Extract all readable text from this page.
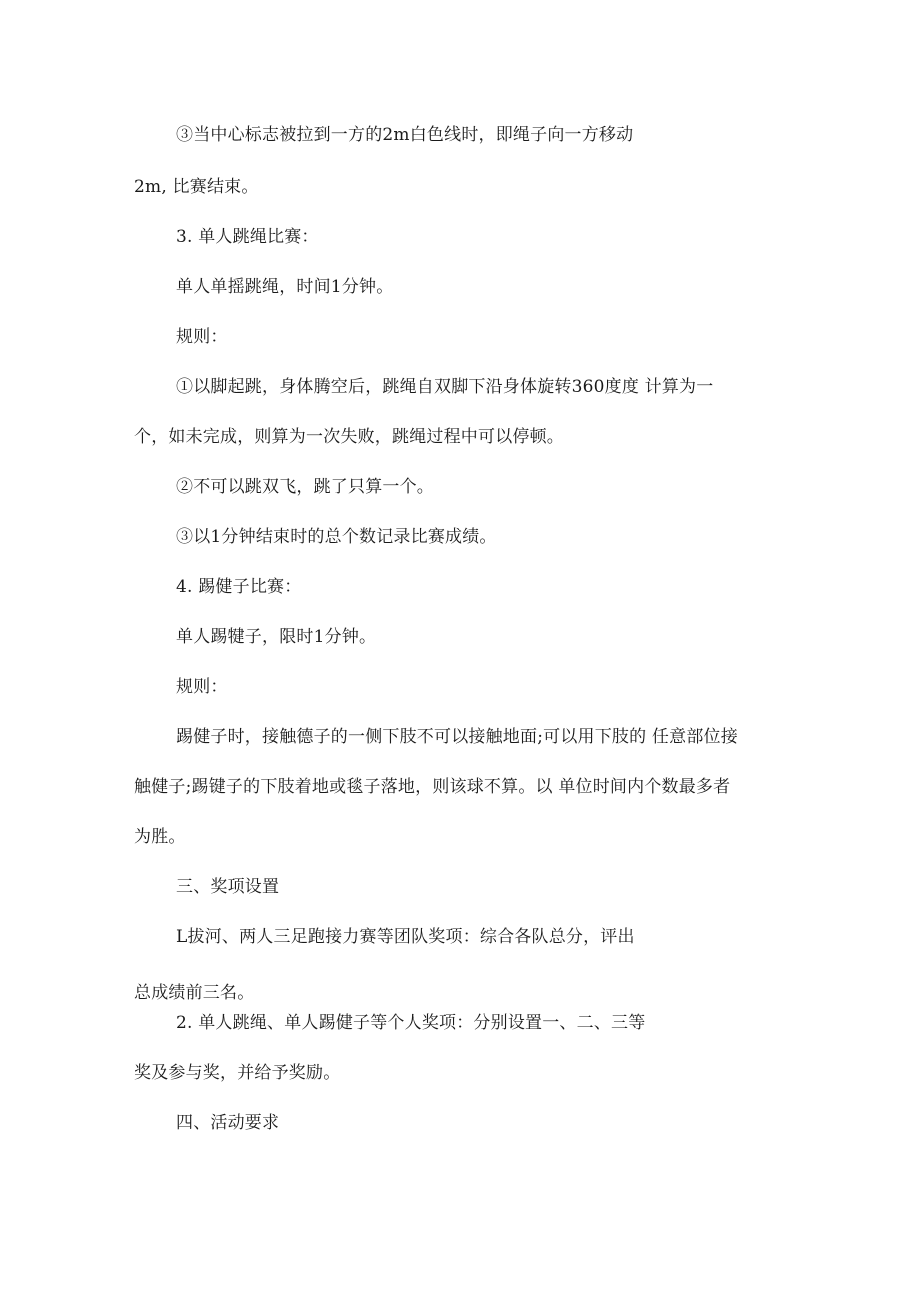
③当中心标志被拉到一方的2m白色线时，即绳子向一方移动
2m, 比赛结束。
3. 单人跳绳比赛：
单人单摇跳绳，时间1分钟。
规则：
①以脚起跳，身体腾空后，跳绳自双脚下沿身体旋转360度度 计算为一
个，如未完成，则算为一次失败，跳绳过程中可以停顿。
②不可以跳双飞，跳了只算一个。
③以1分钟结束时的总个数记录比赛成绩。
4. 踢健子比赛：
单人踢犍子，限时1分钟。
规则：
踢健子时，接触德子的一侧下肢不可以接触地面;可以用下肢的 任意部位接
触健子;踢键子的下肢着地或毯子落地，则该球不算。以 单位时间内个数最多者
为胜。
三、奖项设置
L拔河、两人三足跑接力赛等团队奖项：综合各队总分，评出
总成绩前三名。
2. 单人跳绳、单人踢健子等个人奖项：分别设置一、二、三等
奖及参与奖，并给予奖励。
四、活动要求
